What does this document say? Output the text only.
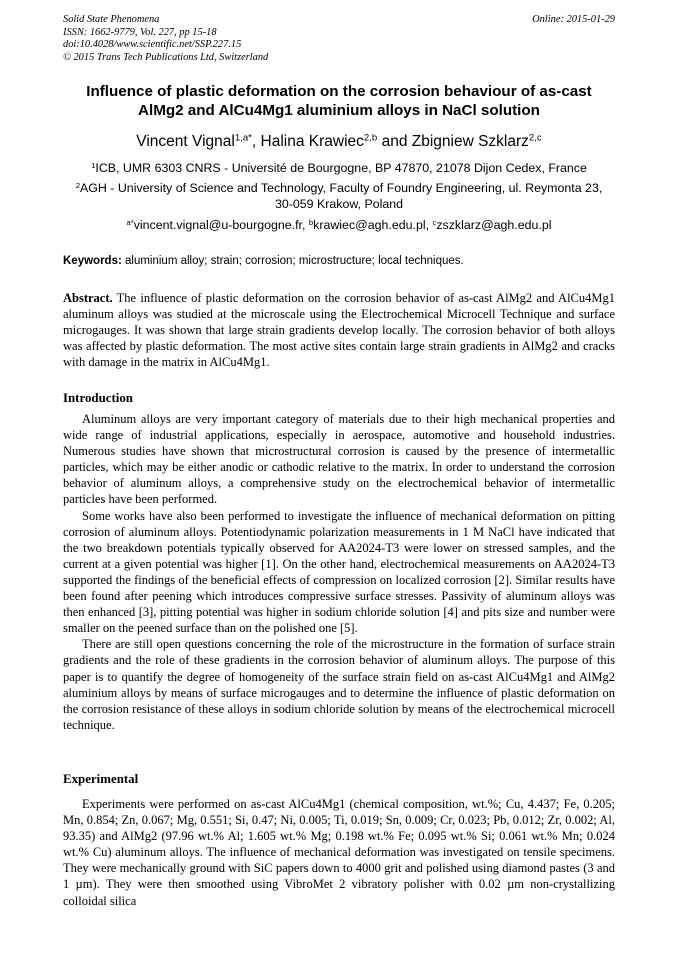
Solid State Phenomena
ISSN: 1662-9779, Vol. 227, pp 15-18
doi:10.4028/www.scientific.net/SSP.227.15
© 2015 Trans Tech Publications Ltd, Switzerland
Online: 2015-01-29
Influence of plastic deformation on the corrosion behaviour of as-cast
AlMg2 and AlCu4Mg1 aluminium alloys in NaCl solution
Vincent Vignal$^{1,a*}$, Halina Krawiec$^{2,b}$ and Zbigniew Szklarz$^{2,c}$
$^1$ICB, UMR 6303 CNRS - Université de Bourgogne, BP 47870, 21078 Dijon Cedex, France
$^2$AGH - University of Science and Technology, Faculty of Foundry Engineering, ul. Reymonta 23,
30-059 Krakow, Poland
$^{a*}$vincent.vignal@u-bourgogne.fr, $^b$krawiec@agh.edu.pl, $^c$zszklarz@agh.edu.pl
Keywords: aluminium alloy; strain; corrosion; microstructure; local techniques.

Abstract. The influence of plastic deformation on the corrosion behavior of as-cast AlMg2 and AlCu4Mg1 aluminum alloys was studied at the microscale using the Electrochemical Microcell Technique and surface microgauges. It was shown that large strain gradients develop locally. The corrosion behavior of both alloys was affected by plastic deformation. The most active sites contain large strain gradients in AlMg2 and cracks with damage in the matrix in AlCu4Mg1.

Introduction

Aluminum alloys are very important category of materials due to their high mechanical properties and wide range of industrial applications, especially in aerospace, automotive and household industries. Numerous studies have shown that microstructural corrosion is caused by the presence of intermetallic particles, which may be either anodic or cathodic relative to the matrix. In order to understand the corrosion behavior of aluminum alloys, a comprehensive study on the electrochemical behavior of intermetallic particles have been performed.

Some works have also been performed to investigate the influence of mechanical deformation on pitting corrosion of aluminum alloys. Potentiodynamic polarization measurements in 1 M NaCl have indicated that the two breakdown potentials typically observed for AA2024-T3 were lower on stressed samples, and the current at a given potential was higher [1]. On the other hand, electrochemical measurements on AA2024-T3 supported the findings of the beneficial effects of compression on localized corrosion [2]. Similar results have been found after peening which introduces compressive surface stresses. Passivity of aluminum alloys was then enhanced [3], pitting potential was higher in sodium chloride solution [4] and pits size and number were smaller on the peened surface than on the polished one [5].

There are still open questions concerning the role of the microstructure in the formation of surface strain gradients and the role of these gradients in the corrosion behavior of aluminum alloys. The purpose of this paper is to quantify the degree of homogeneity of the surface strain field on as-cast AlCu4Mg1 and AlMg2 aluminium alloys by means of surface microgauges and to determine the influence of plastic deformation on the corrosion resistance of these alloys in sodium chloride solution by means of the electrochemical microcell technique.

Experimental

Experiments were performed on as-cast AlCu4Mg1 (chemical composition, wt.%; Cu, 4.437; Fe, 0.205; Mn, 0.854; Zn, 0.067; Mg, 0.551; Si, 0.47; Ni, 0.005; Ti, 0.019; Sn, 0.009; Cr, 0.023; Pb, 0.012; Zr, 0.002; Al, 93.35) and AlMg2 (97.96 wt.% Al; 1.605 wt.% Mg; 0.198 wt.% Fe; 0.095 wt.% Si; 0.061 wt.% Mn; 0.024 wt.% Cu) aluminum alloys. The influence of mechanical deformation was investigated on tensile specimens. They were mechanically ground with SiC papers down to 4000 grit and polished using diamond pastes (3 and 1 µm). They were then smoothed using VibroMet 2 vibratory polisher with 0.02 µm non-crystallizing colloidal silica
